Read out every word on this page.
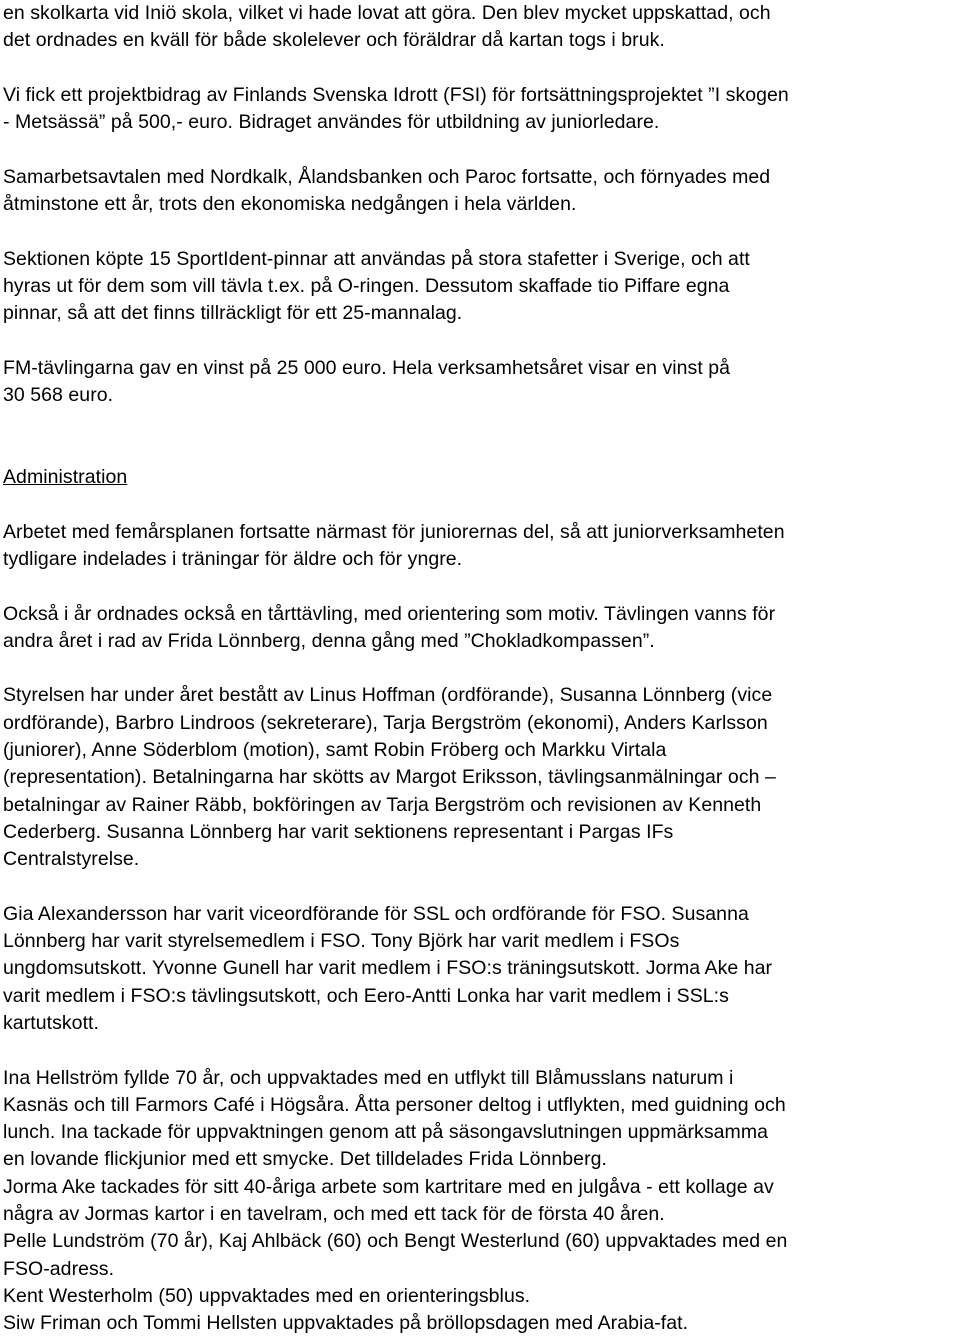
en skolkarta vid Iniö skola, vilket vi hade lovat att göra. Den blev mycket uppskattad, och
det ordnades en kväll för både skolelever och föräldrar då kartan togs i bruk.
Vi fick ett projektbidrag av Finlands Svenska Idrott (FSI) för fortsättningsprojektet ”I skogen
- Metsässä” på 500,- euro. Bidraget användes för utbildning av juniorledare.
Samarbetsavtalen med Nordkalk, Ålandsbanken och Paroc fortsatte, och förnyades med
åtminstone ett år, trots den ekonomiska nedgången i hela världen.
Sektionen köpte 15 SportIdent-pinnar att användas på stora stafetter i Sverige, och att
hyras ut för dem som vill tävla t.ex. på O-ringen. Dessutom skaffade tio Piffare egna
pinnar, så att det finns tillräckligt för ett 25-mannalag.
FM-tävlingarna gav en vinst på 25 000 euro. Hela verksamhetsåret visar en vinst på
30 568 euro.
Administration
Arbetet med femårsplanen fortsatte närmast för juniorernas del, så att juniorverksamheten
tydligare indelades i träningar för äldre och för yngre.
Också i år ordnades också en tårttävling, med orientering som motiv. Tävlingen vanns för
andra året i rad av Frida Lönnberg, denna gång med ”Chokladkompassen”.
Styrelsen har under året bestått av Linus Hoffman (ordförande), Susanna Lönnberg (vice
ordförande), Barbro Lindroos (sekreterare), Tarja Bergström (ekonomi), Anders Karlsson
(juniorer), Anne Söderblom (motion), samt Robin Fröberg och Markku Virtala
(representation). Betalningarna har skötts av Margot Eriksson, tävlingsanmälningar och –
betalningar av Rainer Räbb, bokföringen av Tarja Bergström och revisionen av Kenneth
Cederberg. Susanna Lönnberg har varit sektionens representant i Pargas IFs
Centralstyrelse.
Gia Alexandersson har varit viceordförande för SSL och ordförande för FSO. Susanna
Lönnberg har varit styrelsemedlem i FSO. Tony Björk har varit medlem i FSOs
ungdomsutskott. Yvonne Gunell har varit medlem i FSO:s träningsutskott. Jorma Ake har
varit medlem i FSO:s tävlingsutskott, och Eero-Antti Lonka har varit medlem i SSL:s
kartutskott.
Ina Hellström fyllde 70 år, och uppvaktades med en utflykt till Blåmusslans naturum i
Kasnäs och till Farmors Café i Högsåra. Åtta personer deltog i utflykten, med guidning och
lunch. Ina tackade för uppvaktningen genom att på säsongavslutningen uppmärksamma
en lovande flickjunior med ett smycke. Det tilldelades Frida Lönnberg.
Jorma Ake tackades för sitt 40-åriga arbete som kartritare med en julgåva - ett kollage av
några av Jormas kartor i en tavelram, och med ett tack för de första 40 åren.
Pelle Lundström (70 år), Kaj Ahlbäck (60) och Bengt Westerlund (60) uppvaktades med en
FSO-adress.
Kent Westerholm (50) uppvaktades med en orienteringsblus.
Siw Friman och Tommi Hellsten uppvaktades på bröllopsdagen med Arabia-fat.
